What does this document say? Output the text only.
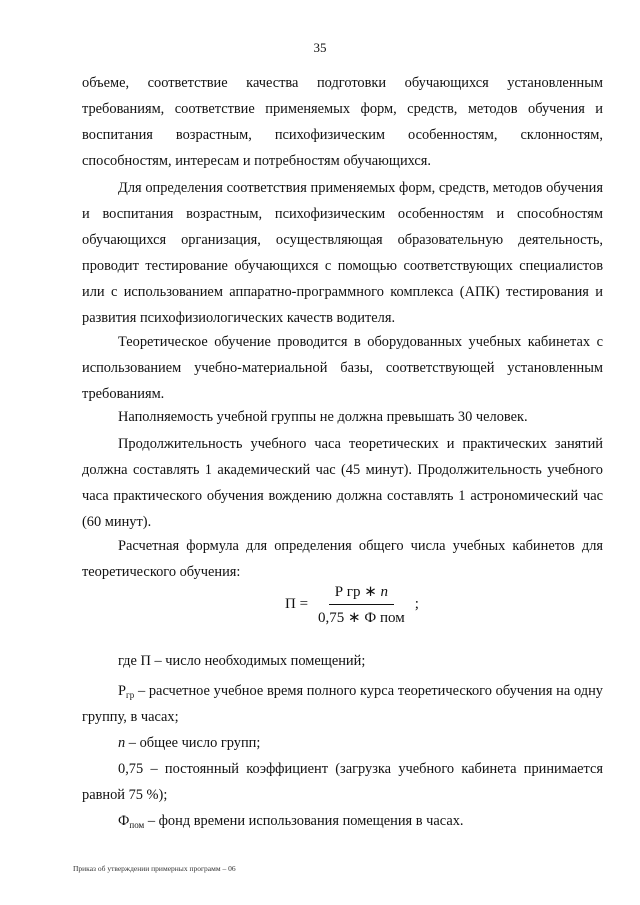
35

объеме, соответствие качества подготовки обучающихся установленным требованиям, соответствие применяемых форм, средств, методов обучения и воспитания возрастным, психофизическим особенностям, склонностям, способностям, интересам и потребностям обучающихся.

Для определения соответствия применяемых форм, средств, методов обучения и воспитания возрастным, психофизическим особенностям и способностям обучающихся организация, осуществляющая образовательную деятельность, проводит тестирование обучающихся с помощью соответствующих специалистов или с использованием аппаратно-программного комплекса (АПК) тестирования и развития психофизиологических качеств водителя.

Теоретическое обучение проводится в оборудованных учебных кабинетах с использованием учебно-материальной базы, соответствующей установленным требованиям.

Наполняемость учебной группы не должна превышать 30 человек.

Продолжительность учебного часа теоретических и практических занятий должна составлять 1 академический час (45 минут). Продолжительность учебного часа практического обучения вождению должна составлять 1 астрономический час (60 минут).

Расчетная формула для определения общего числа учебных кабинетов для теоретического обучения:

$П = \frac{\text{Р гр ∗ n}}{\text{0,75 ∗ Ф пом}}$ ;

где П – число необходимых помещений;

$Р_{гр}$ – расчетное учебное время полного курса теоретического обучения на одну группу, в часах;

n – общее число групп;

0,75 – постоянный коэффициент (загрузка учебного кабинета принимается равной 75 %);

$Ф_{пом}$ – фонд времени использования помещения в часах.

Приказ об утверждении примерных программ – 06
